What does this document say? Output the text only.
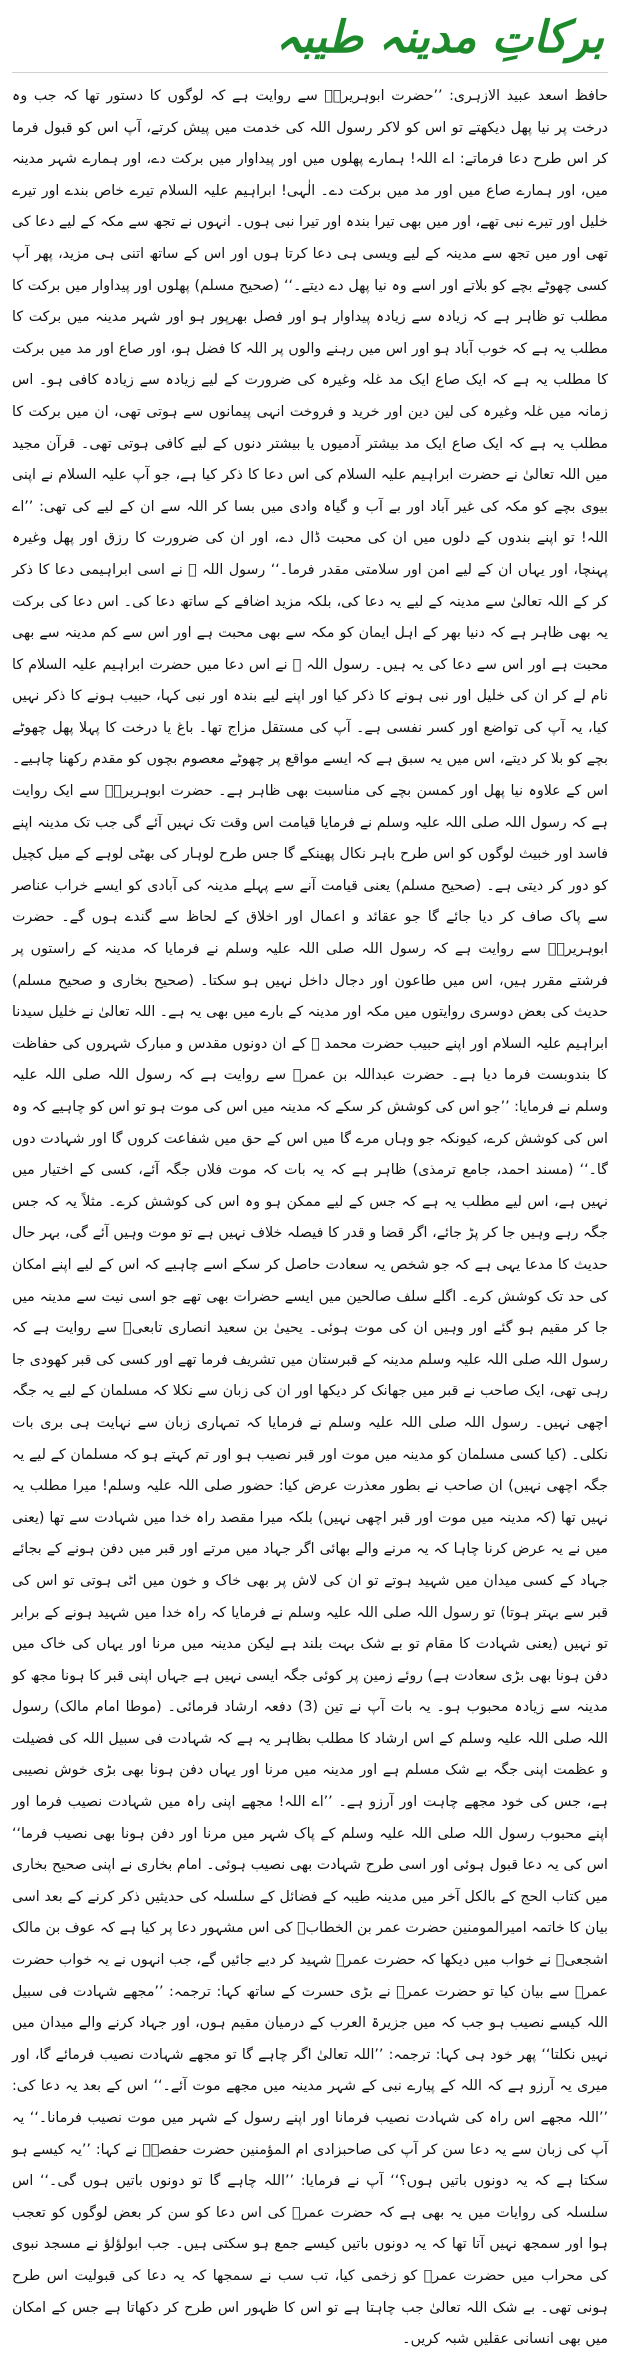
برکاتِ مدینہ طیبہ

حافظ اسعد عبید الازہری: ’’حضرت ابوہریرہؓ سے روایت ہے کہ لوگوں کا دستور تھا کہ جب وہ درخت پر نیا پھل دیکھتے تو اس کو لاکر رسول اللہ کی خدمت میں پیش کرتے، آپ اس کو قبول فرما کر اس طرح دعا فرماتے: اے اللہ! ہمارے پھلوں میں اور پیداوار میں برکت دے، اور ہمارے شہر مدینہ میں، اور ہمارے صاع میں اور مد میں برکت دے۔ الٰہی! ابراہیم علیہ السلام تیرے خاص بندے اور تیرے خلیل اور تیرے نبی تھے، اور میں بھی تیرا بندہ اور تیرا نبی ہوں۔ انہوں نے تجھ سے مکہ کے لیے دعا کی تھی اور میں تجھ سے مدینہ کے لیے ویسی ہی دعا کرتا ہوں اور اس کے ساتھ اتنی ہی مزید، پھر آپ کسی چھوٹے بچے کو بلاتے اور اسے وہ نیا پھل دے دیتے۔‘‘ (صحیح مسلم) پھلوں اور پیداوار میں برکت کا مطلب تو ظاہر ہے کہ زیادہ سے زیادہ پیداوار ہو اور فصل بھرپور ہو اور شہر مدینہ میں برکت کا مطلب یہ ہے کہ خوب آباد ہو اور اس میں رہنے والوں پر اللہ کا فضل ہو، اور صاع اور مد میں برکت کا مطلب یہ ہے کہ ایک صاع ایک مد غلہ وغیرہ کی ضرورت کے لیے زیادہ سے زیادہ کافی ہو۔ اس زمانہ میں غلہ وغیرہ کی لین دین اور خرید و فروخت انہی پیمانوں سے ہوتی تھی، ان میں برکت کا مطلب یہ ہے کہ ایک صاع ایک مد بیشتر آدمیوں یا بیشتر دنوں کے لیے کافی ہوتی تھی۔ قرآن مجید میں اللہ تعالیٰ نے حضرت ابراہیم علیہ السلام کی اس دعا کا ذکر کیا ہے، جو آپ علیہ السلام نے اپنی بیوی بچے کو مکہ کی غیر آباد اور بے آب و گیاہ وادی میں بسا کر اللہ سے ان کے لیے کی تھی: ’’اے اللہ! تو اپنے بندوں کے دلوں میں ان کی محبت ڈال دے، اور ان کی ضرورت کا رزق اور پھل وغیرہ پہنچا، اور یہاں ان کے لیے امن اور سلامتی مقدر فرما۔‘‘ رسول اللہ ﷺ نے اسی ابراہیمی دعا کا ذکر کر کے اللہ تعالیٰ سے مدینہ کے لیے یہ دعا کی، بلکہ مزید اضافے کے ساتھ دعا کی۔ اس دعا کی برکت یہ بھی ظاہر ہے کہ دنیا بھر کے اہل ایمان کو مکہ سے بھی محبت ہے اور اس سے کم مدینہ سے بھی محبت ہے اور اس سے دعا کی یہ ہیں۔ رسول اللہ ﷺ نے اس دعا میں حضرت ابراہیم علیہ السلام کا نام لے کر ان کی خلیل اور نبی ہونے کا ذکر کیا اور اپنے لیے بندہ اور نبی کہا، حبیب ہونے کا ذکر نہیں کیا، یہ آپ کی تواضع اور کسر نفسی ہے۔ آپ کی مستقل مزاج تھا۔ باغ یا درخت کا پہلا پھل چھوٹے بچے کو بلا کر دیتے، اس میں یہ سبق ہے کہ ایسے مواقع پر چھوٹے معصوم بچوں کو مقدم رکھنا چاہیے۔ اس کے علاوہ نیا پھل اور کمسن بچے کی مناسبت بھی ظاہر ہے۔ حضرت ابوہریرہؓ سے ایک روایت ہے کہ رسول اللہ صلی اللہ علیہ وسلم نے فرمایا قیامت اس وقت تک نہیں آئے گی جب تک مدینہ اپنے فاسد اور خبیث لوگوں کو اس طرح باہر نکال پھینکے گا جس طرح لوہار کی بھٹی لوہے کے میل کچیل کو دور کر دیتی ہے۔ (صحیح مسلم) یعنی قیامت آنے سے پہلے مدینہ کی آبادی کو ایسے خراب عناصر سے پاک صاف کر دیا جائے گا جو عقائد و اعمال اور اخلاق کے لحاظ سے گندے ہوں گے۔ حضرت ابوہریرہؓ سے روایت ہے کہ رسول اللہ صلی اللہ علیہ وسلم نے فرمایا کہ مدینہ کے راستوں پر فرشتے مقرر ہیں، اس میں طاعون اور دجال داخل نہیں ہو سکتا۔ (صحیح بخاری و صحیح مسلم) حدیث کی بعض دوسری روایتوں میں مکہ اور مدینہ کے بارے میں بھی یہ ہے۔ اللہ تعالیٰ نے خلیل سیدنا ابراہیم علیہ السلام اور اپنے حبیب حضرت محمد ﷺ کے ان دونوں مقدس و مبارک شہروں کی حفاظت کا بندوبست فرما دیا ہے۔ حضرت عبداللہ بن عمرؓ سے روایت ہے کہ رسول اللہ صلی اللہ علیہ وسلم نے فرمایا: ’’جو اس کی کوشش کر سکے کہ مدینہ میں اس کی موت ہو تو اس کو چاہیے کہ وہ اس کی کوشش کرے، کیونکہ جو وہاں مرے گا میں اس کے حق میں شفاعت کروں گا اور شہادت دوں گا۔‘‘ (مسند احمد، جامع ترمذی) ظاہر ہے کہ یہ بات کہ موت فلاں جگہ آئے، کسی کے اختیار میں نہیں ہے، اس لیے مطلب یہ ہے کہ جس کے لیے ممکن ہو وہ اس کی کوشش کرے۔ مثلاً یہ کہ جس جگہ رہے وہیں جا کر پڑ جائے، اگر قضا و قدر کا فیصلہ خلاف نہیں ہے تو موت وہیں آئے گی، بہر حال حدیث کا مدعا یہی ہے کہ جو شخص یہ سعادت حاصل کر سکے اسے چاہیے کہ اس کے لیے اپنے امکان کی حد تک کوشش کرے۔ اگلے سلف صالحین میں ایسے حضرات بھی تھے جو اسی نیت سے مدینہ میں جا کر مقیم ہو گئے اور وہیں ان کی موت ہوئی۔ یحییٰ بن سعید انصاری تابعیؒ سے روایت ہے کہ رسول اللہ صلی اللہ علیہ وسلم مدینہ کے قبرستان میں تشریف فرما تھے اور کسی کی قبر کھودی جا رہی تھی، ایک صاحب نے قبر میں جھانک کر دیکھا اور ان کی زبان سے نکلا کہ مسلمان کے لیے یہ جگہ اچھی نہیں۔ رسول اللہ صلی اللہ علیہ وسلم نے فرمایا کہ تمہاری زبان سے نہایت ہی بری بات نکلی۔ (کیا کسی مسلمان کو مدینہ میں موت اور قبر نصیب ہو اور تم کہتے ہو کہ مسلمان کے لیے یہ جگہ اچھی نہیں) ان صاحب نے بطور معذرت عرض کیا: حضور صلی اللہ علیہ وسلم! میرا مطلب یہ نہیں تھا (کہ مدینہ میں موت اور قبر اچھی نہیں) بلکہ میرا مقصد راہ خدا میں شہادت سے تھا (یعنی میں نے یہ عرض کرنا چاہا کہ یہ مرنے والے بھائی اگر جہاد میں مرتے اور قبر میں دفن ہونے کے بجائے جہاد کے کسی میدان میں شہید ہوتے تو ان کی لاش پر بھی خاک و خون میں اٹی ہوتی تو اس کی قبر سے بہتر ہوتا) تو رسول اللہ صلی اللہ علیہ وسلم نے فرمایا کہ راہ خدا میں شہید ہونے کے برابر تو نہیں (یعنی شہادت کا مقام تو بے شک بہت بلند ہے لیکن مدینہ میں مرنا اور یہاں کی خاک میں دفن ہونا بھی بڑی سعادت ہے) روئے زمین پر کوئی جگہ ایسی نہیں ہے جہاں اپنی قبر کا ہونا مجھ کو مدینہ سے زیادہ محبوب ہو۔ یہ بات آپ نے تین (3) دفعہ ارشاد فرمائی۔ (موطا امام مالک) رسول اللہ صلی اللہ علیہ وسلم کے اس ارشاد کا مطلب بظاہر یہ ہے کہ شہادت فی سبیل اللہ کی فضیلت و عظمت اپنی جگہ بے شک مسلم ہے اور مدینہ میں مرنا اور یہاں دفن ہونا بھی بڑی خوش نصیبی ہے، جس کی خود مجھے چاہت اور آرزو ہے۔ ’’اے اللہ! مجھے اپنی راہ میں شہادت نصیب فرما اور اپنے محبوب رسول اللہ صلی اللہ علیہ وسلم کے پاک شہر میں مرنا اور دفن ہونا بھی نصیب فرما‘‘ اس کی یہ دعا قبول ہوئی اور اسی طرح شہادت بھی نصیب ہوئی۔ امام بخاری نے اپنی صحیح بخاری میں کتاب الحج کے بالکل آخر میں مدینہ طیبہ کے فضائل کے سلسلہ کی حدیثیں ذکر کرنے کے بعد اسی بیان کا خاتمہ امیرالمومنین حضرت عمر بن الخطابؓ کی اس مشہور دعا پر کیا ہے کہ عوف بن مالک اشجعیؓ نے خواب میں دیکھا کہ حضرت عمرؓ شہید کر دیے جائیں گے، جب انہوں نے یہ خواب حضرت عمرؓ سے بیان کیا تو حضرت عمرؓ نے بڑی حسرت کے ساتھ کہا: ترجمہ: ’’مجھے شہادت فی سبیل اللہ کیسے نصیب ہو جب کہ میں جزیرۃ العرب کے درمیان مقیم ہوں، اور جہاد کرنے والے میدان میں نہیں نکلتا‘‘ پھر خود ہی کہا: ترجمہ: ’’اللہ تعالیٰ اگر چاہے گا تو مجھے شہادت نصیب فرمائے گا، اور میری یہ آرزو ہے کہ اللہ کے پیارے نبی کے شہر مدینہ میں مجھے موت آئے۔‘‘ اس کے بعد یہ دعا کی: ’’اللہ مجھے اس راہ کی شہادت نصیب فرمانا اور اپنے رسول کے شہر میں موت نصیب فرمانا۔‘‘ یہ آپ کی زبان سے یہ دعا سن کر آپ کی صاحبزادی ام المؤمنین حضرت حفصہؓ نے کہا: ’’یہ کیسے ہو سکتا ہے کہ یہ دونوں باتیں ہوں؟‘‘ آپ نے فرمایا: ’’اللہ چاہے گا تو دونوں باتیں ہوں گی۔‘‘ اس سلسلہ کی روایات میں یہ بھی ہے کہ حضرت عمرؓ کی اس دعا کو سن کر بعض لوگوں کو تعجب ہوا اور سمجھ نہیں آتا تھا کہ یہ دونوں باتیں کیسے جمع ہو سکتی ہیں۔ جب ابولؤلؤ نے مسجد نبوی کی محراب میں حضرت عمرؓ کو زخمی کیا، تب سب نے سمجھا کہ یہ دعا کی قبولیت اس طرح ہونی تھی۔ بے شک اللہ تعالیٰ جب چاہتا ہے تو اس کا ظہور اس طرح کر دکھاتا ہے جس کے امکان میں بھی انسانی عقلیں شبہ کریں۔
